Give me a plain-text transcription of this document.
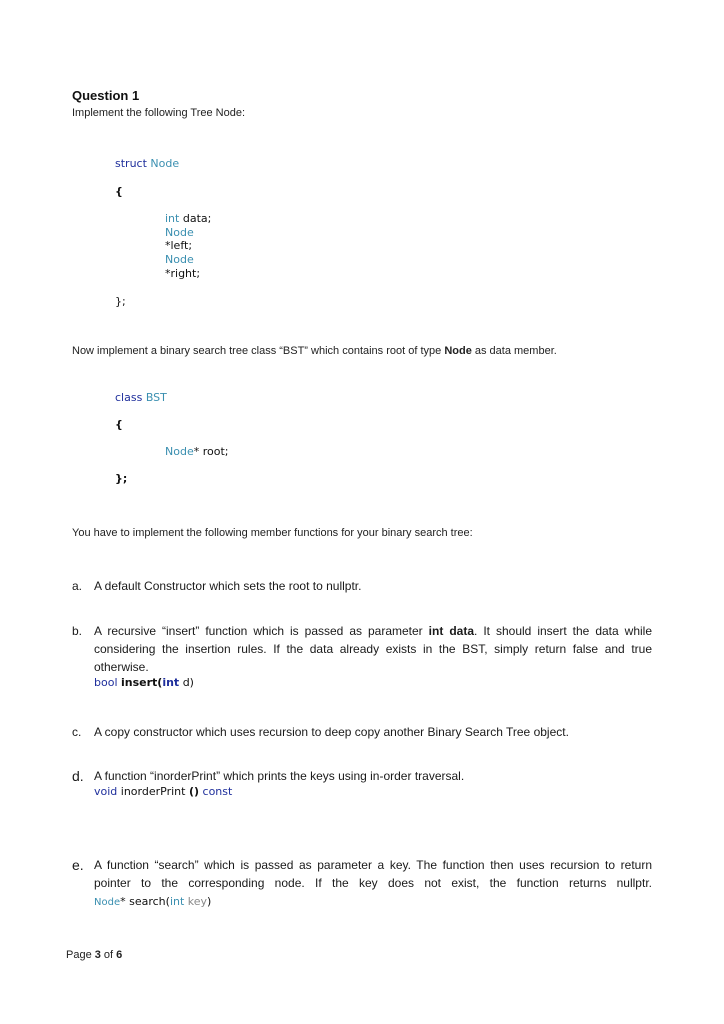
Question 1
Implement the following Tree Node:
struct Node
{
int data;
Node
*left;
Node
*right;
};
Now implement a binary search tree class “BST” which contains root of type Node as data member.
class BST
{
Node* root;
};
You have to implement the following member functions for your binary search tree:
a. A default Constructor which sets the root to nullptr.
b. A recursive “insert” function which is passed as parameter int data. It should insert the data while considering the insertion rules. If the data already exists in the BST, simply return false and true otherwise.
bool insert(int d)
c. A copy constructor which uses recursion to deep copy another Binary Search Tree object.
d. A function “inorderPrint” which prints the keys using in-order traversal.
void inorderPrint () const
e. A function “search” which is passed as parameter a key. The function then uses recursion to return pointer to the corresponding node. If the key does not exist, the function returns nullptr. Node* search(int key)
Page 3 of 6
